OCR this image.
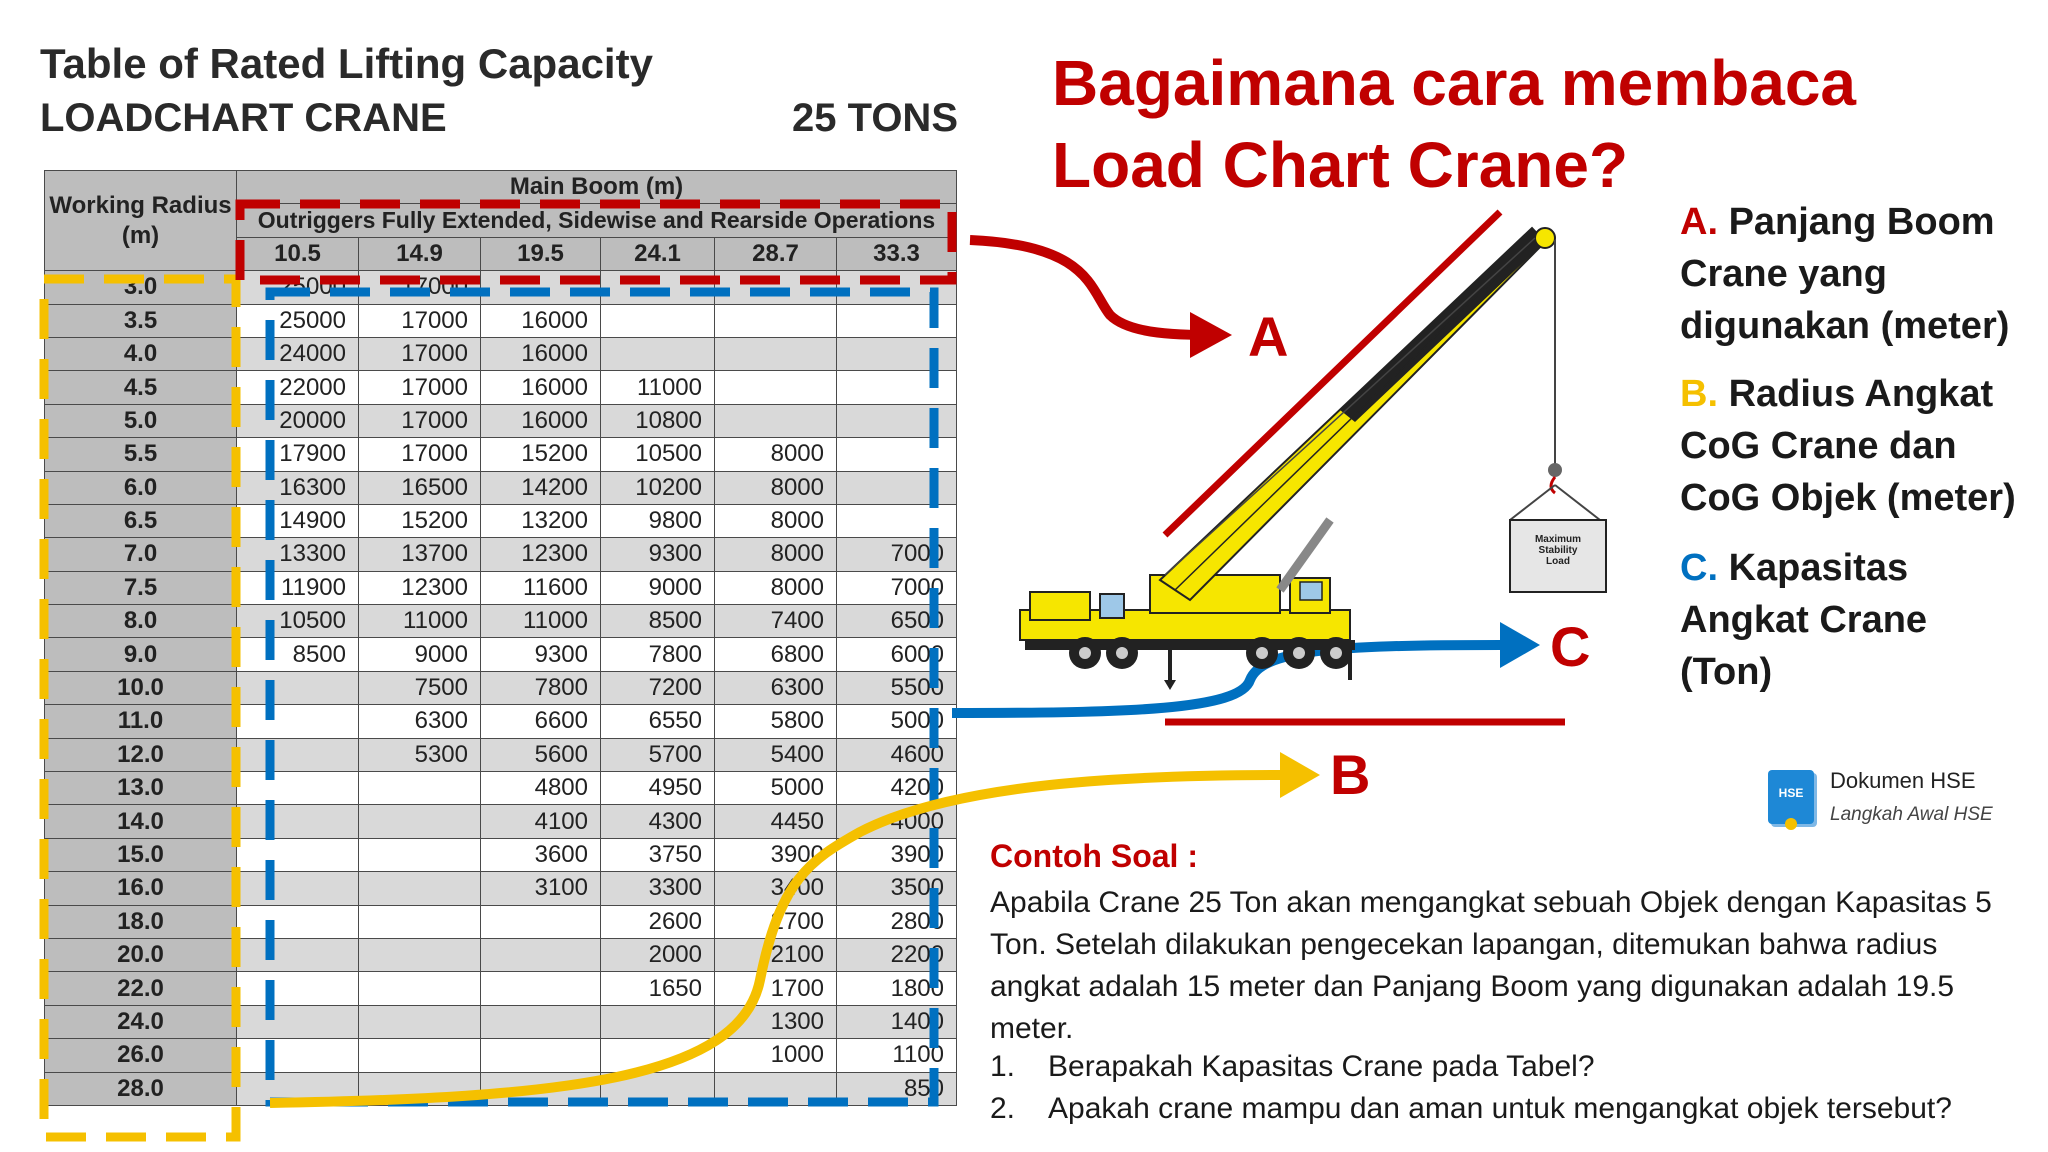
Table of Rated Lifting Capacity
LOADCHART CRANE	25 TONS
Working Radius (m)	Main Boom (m)					
	Outriggers Fully Extended, Sidewise and Rearside Operations					
	10.5	14.9	19.5	24.1	28.7	33.3
3.0	25000	17000				
3.5	25000	17000	16000			
4.0	24000	17000	16000			
4.5	22000	17000	16000	11000		
5.0	20000	17000	16000	10800		
5.5	17900	17000	15200	10500	8000	
6.0	16300	16500	14200	10200	8000	
6.5	14900	15200	13200	9800	8000	
7.0	13300	13700	12300	9300	8000	7000
7.5	11900	12300	11600	9000	8000	7000
8.0	10500	11000	11000	8500	7400	6500
9.0	8500	9000	9300	7800	6800	6000
10.0		7500	7800	7200	6300	5500
11.0		6300	6600	6550	5800	5000
12.0		5300	5600	5700	5400	4600
13.0			4800	4950	5000	4200
14.0			4100	4300	4450	4000
15.0			3600	3750	3900	3900
16.0			3100	3300	3400	3500
18.0				2600	2700	2800
20.0				2000	2100	2200
22.0				1650	1700	1800
24.0					1300	1400
26.0					1000	1100
28.0						850
Maximum
Stability
Load
A
C
B
Bagaimana cara membaca
Load Chart Crane?
A. Panjang Boom
Crane yang
digunakan (meter)
B. Radius Angkat
CoG Crane dan
CoG Objek (meter)
C. Kapasitas
Angkat Crane
(Ton)
HSE	Dokumen HSE
Langkah Awal HSE
Contoh Soal :
Apabila Crane 25 Ton akan mengangkat sebuah Objek dengan Kapasitas 5 Ton. Setelah dilakukan pengecekan lapangan, ditemukan bahwa radius angkat adalah 15 meter dan Panjang Boom yang digunakan adalah 19.5 meter.
1. Berapakah Kapasitas Crane pada Tabel?
2. Apakah crane mampu dan aman untuk mengangkat objek tersebut?
